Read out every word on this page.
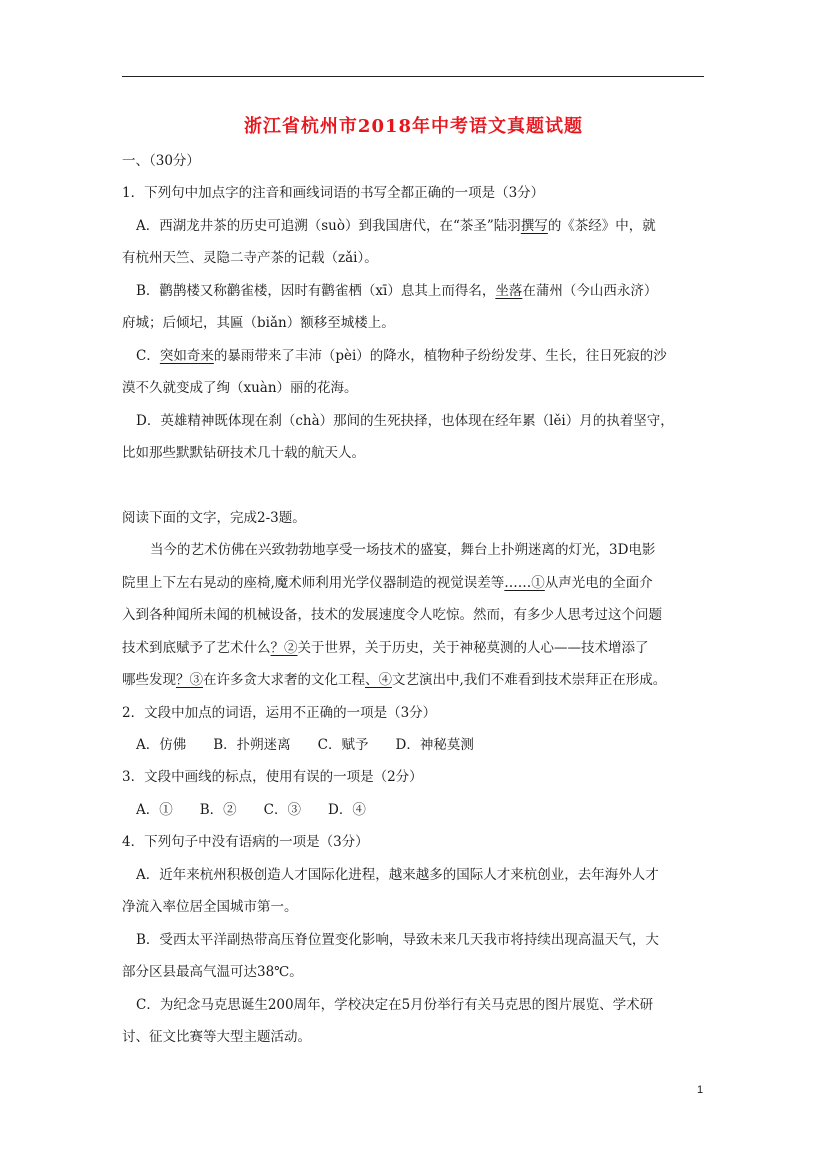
浙江省杭州市2018年中考语文真题试题
一、（30分）
1．下列句中加点字的注音和画线词语的书写全都正确的一项是（3分）
A．西湖龙井茶的历史可追溯（suò）到我国唐代，在“茶圣”陆羽撰写的《茶经》中，就
有杭州天竺、灵隐二寺产茶的记载（zǎi）。
B．鹳鹊楼又称鹳雀楼，因时有鹳雀栖（xī）息其上而得名，坐落在蒲州（今山西永济）
府城；后倾圮，其匾（biǎn）额移至城楼上。
C．突如奇来的暴雨带来了丰沛（pèi）的降水，植物种子纷纷发芽、生长，往日死寂的沙
漠不久就变成了绚（xuàn）丽的花海。
D．英雄精神既体现在刹（chà）那间的生死抉择，也体现在经年累（lěi）月的执着坚守，
比如那些默默钻研技术几十载的航天人。
阅读下面的文字，完成2-3题。
当今的艺术仿佛在兴致勃勃地享受一场技术的盛宴，舞台上扑朔迷离的灯光，3D电影
院里上下左右晃动的座椅,魔术师利用光学仪器制造的视觉误差等……①从声光电的全面介
入到各种闻所未闻的机械设备，技术的发展速度令人吃惊。然而，有多少人思考过这个问题
技术到底赋予了艺术什么？②关于世界，关于历史，关于神秘莫测的人心——技术增添了
哪些发现？③在许多贪大求奢的文化工程、④文艺演出中,我们不难看到技术崇拜正在形成。
2．文段中加点的词语，运用不正确的一项是（3分）
A．仿佛　　B．扑朔迷离　　C．赋予　　D．神秘莫测
3．文段中画线的标点，使用有误的一项是（2分）
A．①　　B．②　　C．③　　D．④
4．下列句子中没有语病的一项是（3分）
A．近年来杭州积极创造人才国际化进程，越来越多的国际人才来杭创业，去年海外人才
净流入率位居全国城市第一。
B．受西太平洋副热带高压脊位置变化影响，导致未来几天我市将持续出现高温天气，大
部分区县最高气温可达38℃。
C．为纪念马克思诞生200周年，学校决定在5月份举行有关马克思的图片展览、学术研
讨、征文比赛等大型主题活动。
1
